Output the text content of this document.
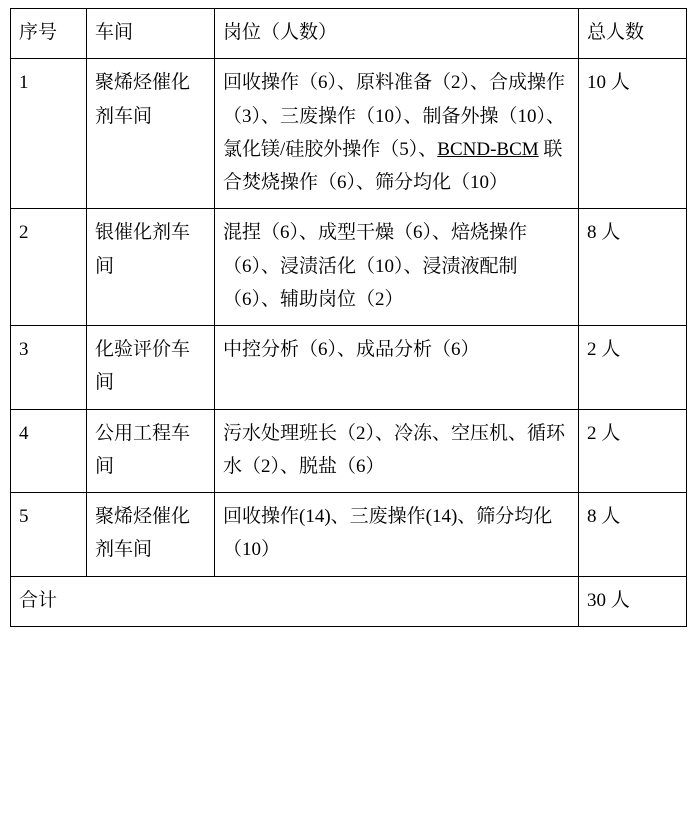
序号	车间	岗位（人数）	总人数
1	聚烯烃催化剂车间	回收操作（6）、原料准备（2）、合成操作（3）、三废操作（10）、制备外操（10）、氯化镁/硅胶外操作（5）、BCND-BCM 联合焚烧操作（6）、筛分均化（10）	10 人
2	银催化剂车间	混捏（6）、成型干燥（6）、焙烧操作（6）、浸渍活化（10）、浸渍液配制（6）、辅助岗位（2）	8 人
3	化验评价车间	中控分析（6）、成品分析（6）	2 人
4	公用工程车间	污水处理班长（2）、冷冻、空压机、循环水（2）、脱盐（6）	2 人
5	聚烯烃催化剂车间	回收操作(14)、三废操作(14)、筛分均化（10）	8 人
合计			30 人
